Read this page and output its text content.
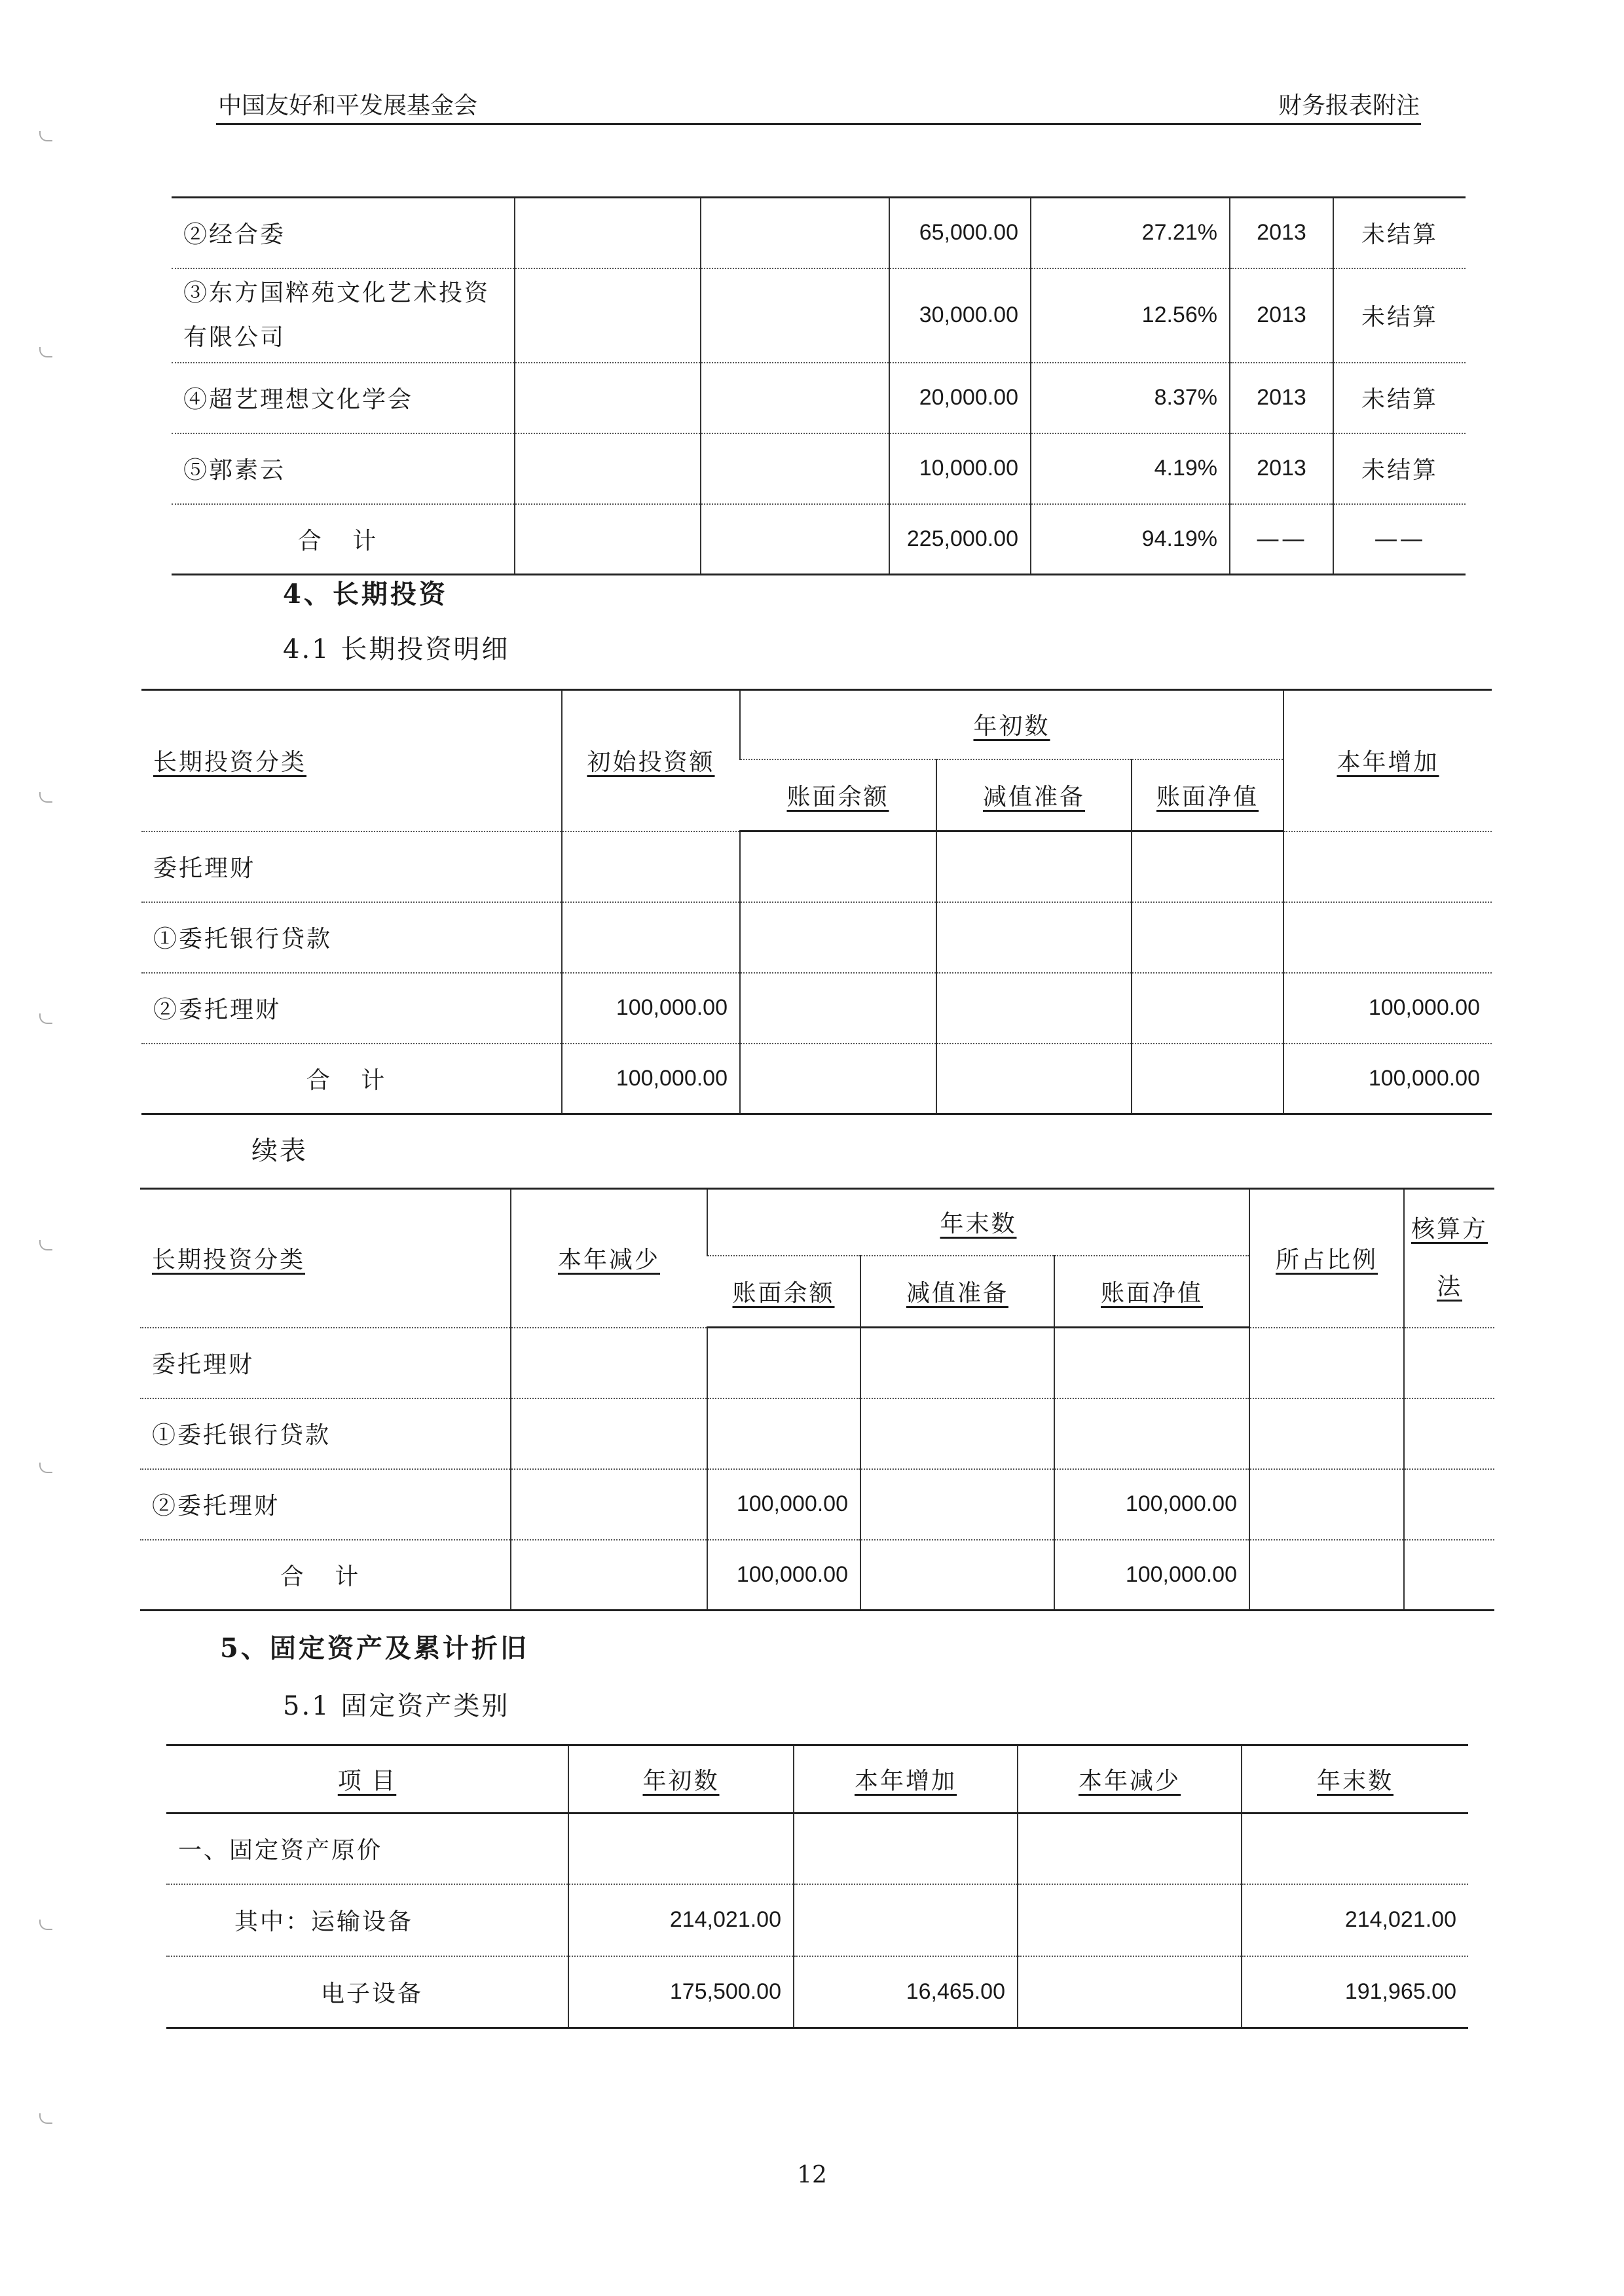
中国友好和平发展基金会	财务报表附注
②经合委			65,000.00	27.21%	2013	未结算
③东方国粹苑文化艺术投资有限公司			30,000.00	12.56%	2013	未结算
④超艺理想文化学会			20,000.00	8.37%	2013	未结算
⑤郭素云			10,000.00	4.19%	2013	未结算
合 计			225,000.00	94.19%	——	——
4、长期投资
4.1 长期投资明细
长期投资分类	初始投资额	年初数			本年增加
		账面余额	减值准备	账面净值	
委托理财					
①委托银行贷款					
②委托理财	100,000.00				100,000.00
合 计	100,000.00				100,000.00
续表
长期投资分类	本年减少	年末数			所占比例	核算方法
		账面余额	减值准备	账面净值		
委托理财						
①委托银行贷款						
②委托理财		100,000.00		100,000.00		
合 计		100,000.00		100,000.00		
5、固定资产及累计折旧
5.1 固定资产类别
项 目	年初数	本年增加	本年减少	年末数
一、固定资产原价				
其中：运输设备	214,021.00			214,021.00
电子设备	175,500.00	16,465.00		191,965.00
12
